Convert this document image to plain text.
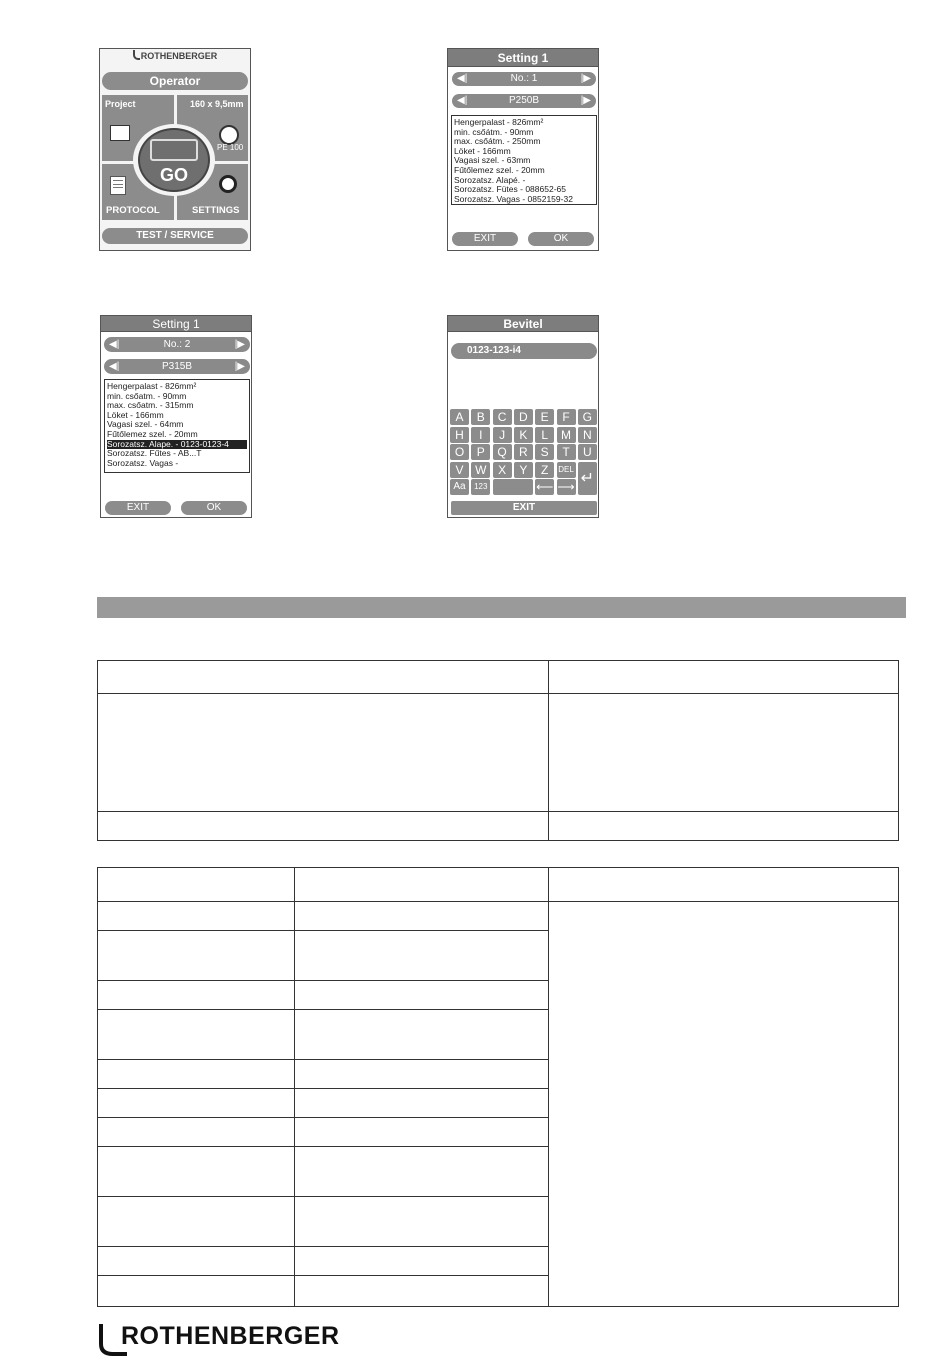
ROTHENBERGER
Operator
Project	160 x 9,5mm
PROTOCOL	SETTINGS
PE 100
GO
TEST / SERVICE
Setting 1
◀|	No.: 1	|▶
◀|	P250B	|▶
Hengerpalast - 826mm²
min. csőátm. - 90mm
max. csőátm. - 250mm
Löket - 166mm
Vagasi szel. - 63mm
Fűtőlemez szel. - 20mm
Sorozatsz. Alapé. -
Sorozatsz. Fütes - 088652-65
Sorozatsz. Vagas - 0852159-32
EXIT	OK
Setting 1
◀|	No.: 2	|▶
◀|	P315B	|▶
Hengerpalast - 826mm²
min. csőatm. - 90mm
max. csőatm. - 315mm
Löket - 166mm
Vagasi szel. - 64mm
Fűtőlemez szel. - 20mm
Sorozatsz. Alape. - 0123-0123-4
Sorozatsz. Fűtes - AB...T
Sorozatsz. Vagas -
EXIT	OK
Bevitel
0123-123-i4
EXIT
A	B	C	D	E	F	G
H	I	J	K	L	M N
O	P	Q	R	S	T	U
V W X	Y	Z	DEL
↵
Aa	123	⟵ ⟶

ROTHENBERGER
